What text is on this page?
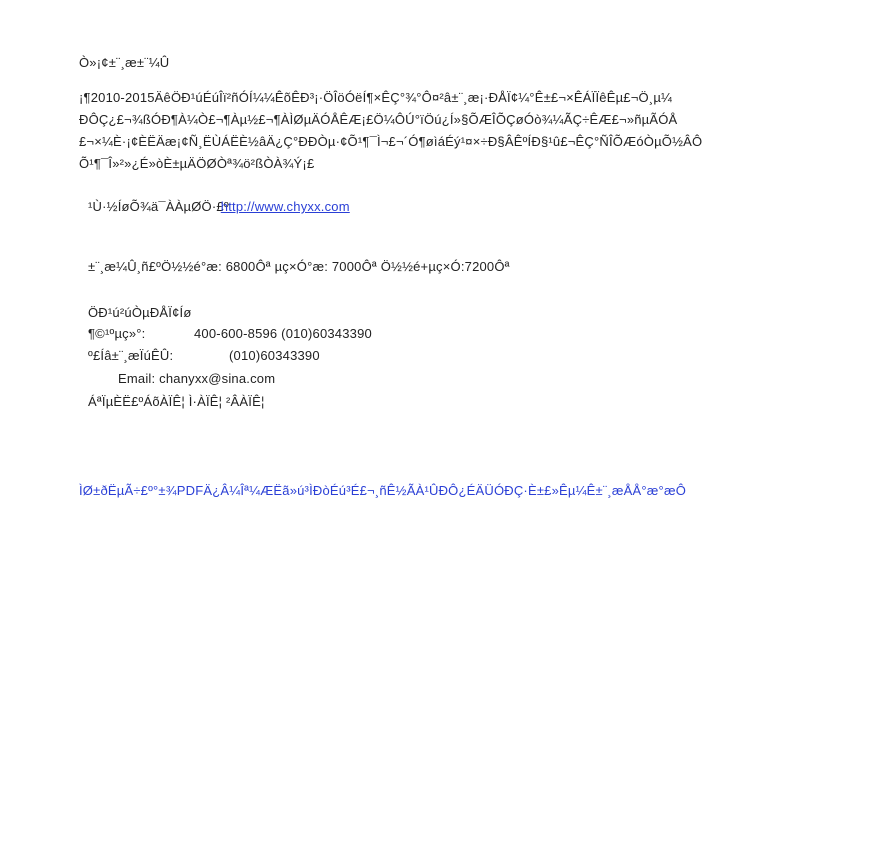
Ò»¡¢±¨¸æ±¨¼Û
¡¶2010-2015ÄêÖÐ¹úÉúÎï²ñÓÍ¼¼ÊõÊÐ³¡·ÖÎöÓëÍ¶×ÊÇ°¾°Ô¤²â±¨¸æ¡·ÐÅÏ¢¼°Ê±£¬×ÊÁÏÏêÊµ£¬Ö¸µ¼
ÐÔÇ¿£¬¾ßÓÐ¶À¼Ò£¬¶Àµ½£¬¶ÀÌØµÄÓÅÊÆ¡£Ö¼ÔÚ°ïÖú¿Í»§ÕÆÎÕÇøÓò¾¼ÃÇ÷ÊÆ£¬»ñµÃÓÅ
£¬×¼È·¡¢ÈËÄæ¡¢Ñ¸ËÙÁËÈ½âÄ¿Ç°ÐÐÒµ·¢Õ¹¶¯Ì¬£¬´Ó¶øìáÉý¹¤×÷Ð§ÂÊºÍÐ§¹û£¬ÊÇ°ÑÎÕÆóÒµÕ½ÂÔ
Õ¹¶¯Î»²»¿É»òÈ±µÄÖØÒª¾ö²ßÒÀ¾Ý¡£
¹Ù·½ÍøÕ¾ä¯ÀÀµØÖ·£ºhttp://www.chyxx.com
±¨¸æ¼Û¸ñ£ºÖ½½é°æ: 6800Ôª µç×Ó°æ: 7000Ôª Ö½½é+µç×Ó:7200Ôª
ÖÐ¹ú²úÒµÐÅÏ¢Íø
¶©¹ºµç»°:	400-600-8596 (010)60343390
º£Íâ±¨¸æÏúÊÛ:	(010)60343390
Email: chanyxx@sina.com
ÁªÏµÈË£ºÁõÀÏÊ¦ Ì·ÀÏÊ¦ ²ÂÀÏÊ¦
ÌØ±ðËµÃ÷£º°±¾PDFÄ¿Â¼Îª¼ÆËã»ú³ÌÐòÉú³É£¬¸ñÊ½ÃÀ¹ÛÐÔ¿ÉÄÜÓÐÇ·È±£»Êµ¼Ê±¨¸æÅÅ°æ°æÔ
